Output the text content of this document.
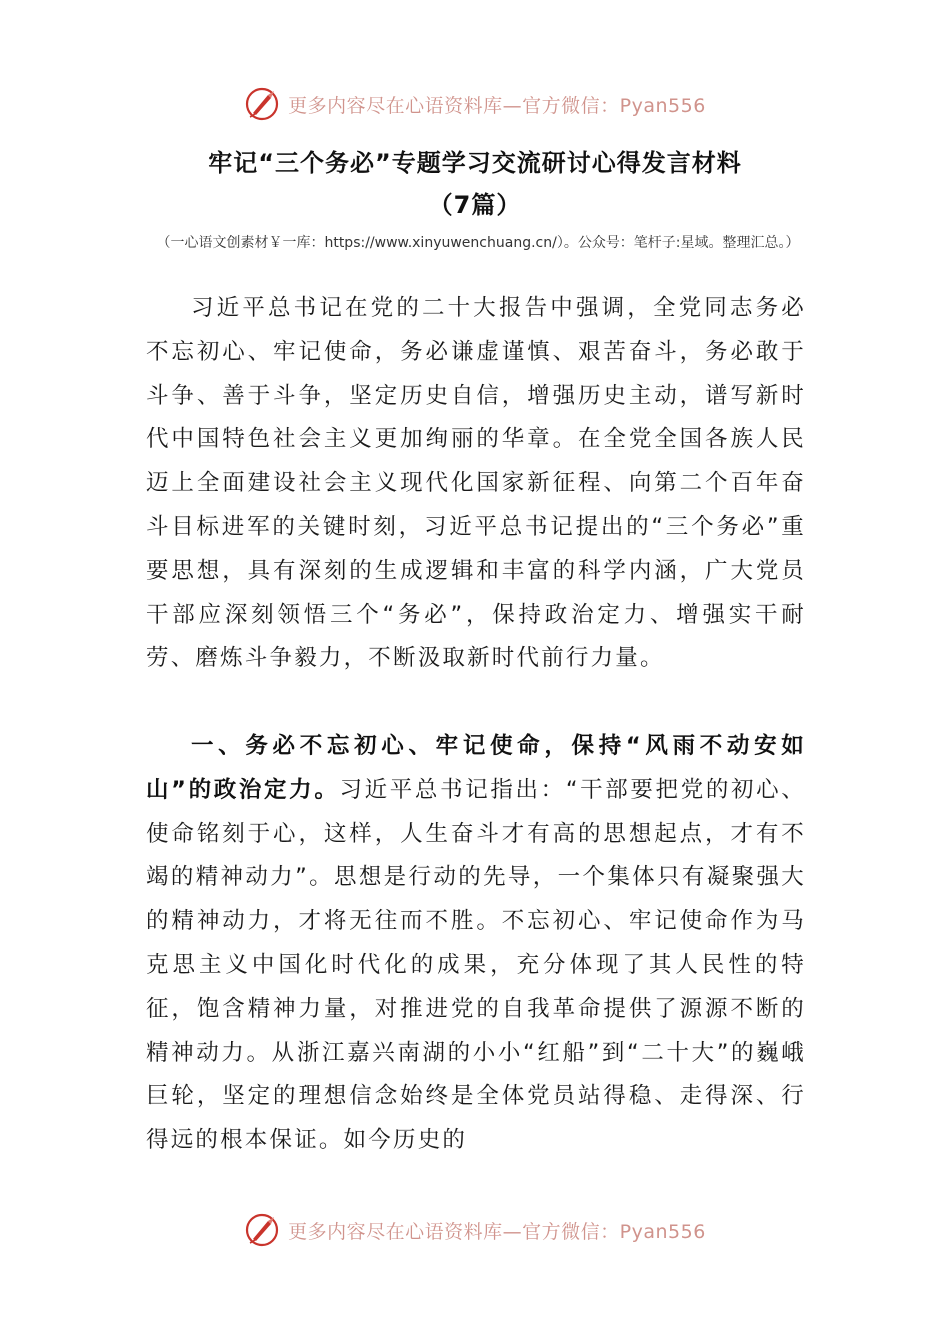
更多内容尽在心语资料库—官方微信：Pyan556
牢记“三个务必”专题学习交流研讨心得发言材料
（7篇）

（一心语文创素材￥一库：https://www.xinyuwenchuang.cn/）。公众号：笔杆子:星域。整理汇总。）

习近平总书记在党的二十大报告中强调，全党同志务必不忘初心、牢记使命，务必谦虚谨慎、艰苦奋斗，务必敢于斗争、善于斗争，坚定历史自信，增强历史主动，谱写新时代中国特色社会主义更加绚丽的华章。在全党全国各族人民迈上全面建设社会主义现代化国家新征程、向第二个百年奋斗目标进军的关键时刻，习近平总书记提出的“三个务必”重要思想，具有深刻的生成逻辑和丰富的科学内涵，广大党员干部应深刻领悟三个“务必”，保持政治定力、增强实干耐劳、磨炼斗争毅力，不断汲取新时代前行力量。

一、务必不忘初心、牢记使命，保持“风雨不动安如山”的政治定力。习近平总书记指出：“干部要把党的初心、使命铭刻于心，这样，人生奋斗才有高的思想起点，才有不竭的精神动力”。思想是行动的先导，一个集体只有凝聚强大的精神动力，才将无往而不胜。不忘初心、牢记使命作为马克思主义中国化时代化的成果，充分体现了其人民性的特征，饱含精神力量，对推进党的自我革命提供了源源不断的精神动力。从浙江嘉兴南湖的小小“红船”到“二十大”的巍峨巨轮，坚定的理想信念始终是全体党员站得稳、走得深、行得远的根本保证。如今历史的

更多内容尽在心语资料库—官方微信：Pyan556
